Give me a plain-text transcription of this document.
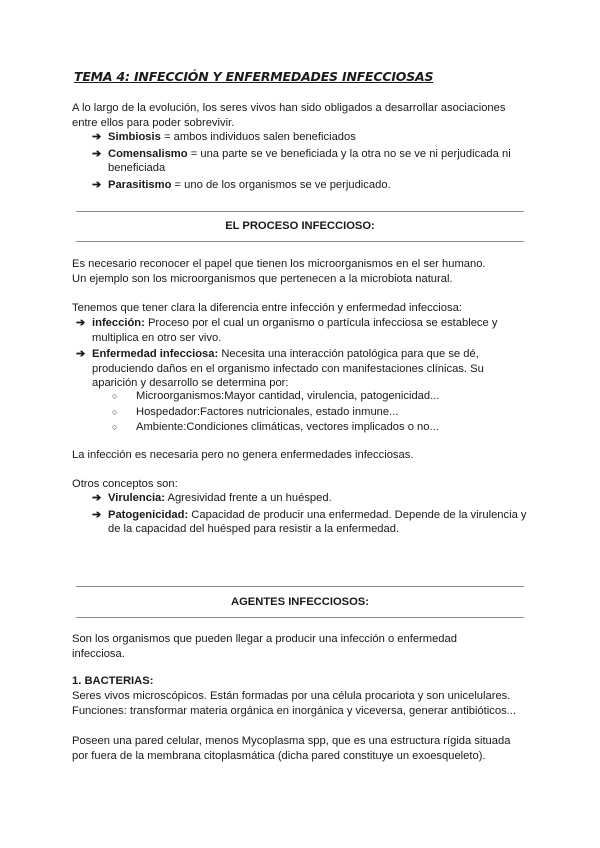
TEMA 4: INFECCIÓN Y ENFERMEDADES INFECCIOSAS
A lo largo de la evolución, los seres vivos han sido obligados a desarrollar asociaciones entre ellos para poder sobrevivir.
➔ Simbiosis = ambos individuos salen beneficiados
➔ Comensalismo = una parte se ve beneficiada y la otra no se ve ni perjudicada ni beneficiada
➔ Parasitismo = uno de los organismos se ve perjudicado.
EL PROCESO INFECCIOSO:
Es necesario reconocer el papel que tienen los microorganismos en el ser humano.
Un ejemplo son los microorganismos que pertenecen a la microbiota natural.
Tenemos que tener clara la diferencia entre infección y enfermedad infecciosa:
➔ infección: Proceso por el cual un organismo o partícula infecciosa se establece y multiplica en otro ser vivo.
➔ Enfermedad infecciosa: Necesita una interacción patológica para que se dé, produciendo daños en el organismo infectado con manifestaciones clínicas. Su aparición y desarrollo se determina por:
○ Microorganismos:Mayor cantidad, virulencia, patogenicidad...
○ Hospedador:Factores nutricionales, estado inmune...
○ Ambiente:Condiciones climáticas, vectores implicados o no...
La infección es necesaria pero no genera enfermedades infecciosas.
Otros conceptos son:
➔ Virulencia: Agresividad frente a un huésped.
➔ Patogenicidad: Capacidad de producir una enfermedad. Depende de la virulencia y de la capacidad del huésped para resistir a la enfermedad.
AGENTES INFECCIOSOS:
Son los organismos que pueden llegar a producir una infección o enfermedad infecciosa.
1. BACTERIAS:
Seres vivos microscópicos. Están formadas por una célula procariota y son unicelulares.
Funciones: transformar materia orgánica en inorgánica y viceversa, generar antibióticos...
Poseen una pared celular, menos Mycoplasma spp, que es una estructura rígida situada por fuera de la membrana citoplasmática (dicha pared constituye un exoesqueleto).
